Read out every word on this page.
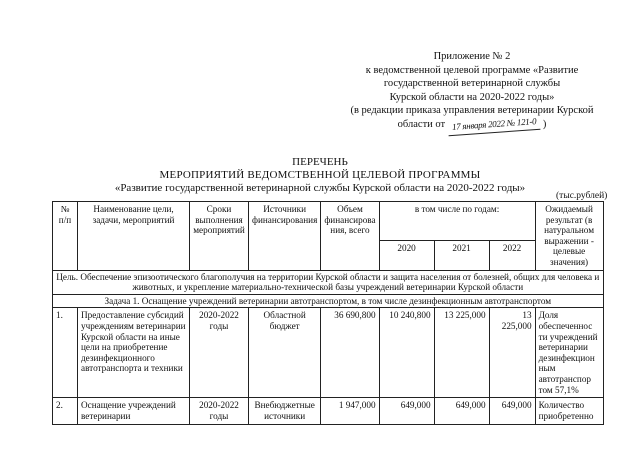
Приложение № 2
к ведомственной целевой программе «Развитие
государственной ветеринарной службы
Курской области на 2020-2022 годы»
(в редакции приказа управления ветеринарии Курской
области от 17 января 2022 № 121-0 )
ПЕРЕЧЕНЬ
МЕРОПРИЯТИЙ ВЕДОМСТВЕННОЙ ЦЕЛЕВОЙ ПРОГРАММЫ
«Развитие государственной ветеринарной службы Курской области на 2020-2022 годы»
(тыс.рублей)
№ п/п	Наименование цели, задачи, мероприятий	Сроки выполнения мероприятий	Источники финансирования	Объем финансирова ния, всего	в том числе по годам:			Ожидаемый результат (в натуральном выражении - целевые значения)
					2020	2021	2022	
Цель. Обеспечение эпизоотического благополучия на территории Курской области и защита населения от болезней, общих для человека и животных, и укрепление материально-технической базы учреждений ветеринарии Курской области								
Задача 1. Оснащение учреждений ветеринарии автотранспортом, в том числе дезинфекционным автотранспортом								
1.	Предоставление субсидий учреждениям ветеринарии Курской области на иные цели на приобретение дезинфекционного автотранспорта и техники	2020-2022 годы	Областной бюджет	36 690,800	10 240,800	13 225,000	13 225,000	Доля обеспеченнос ти учреждений ветеринарии дезинфекцион ным автотранспор том 57,1%
2.	Оснащение учреждений ветеринарии	2020-2022 годы	Внебюджетные источники	1 947,000	649,000	649,000	649,000	Количество приобретенно
